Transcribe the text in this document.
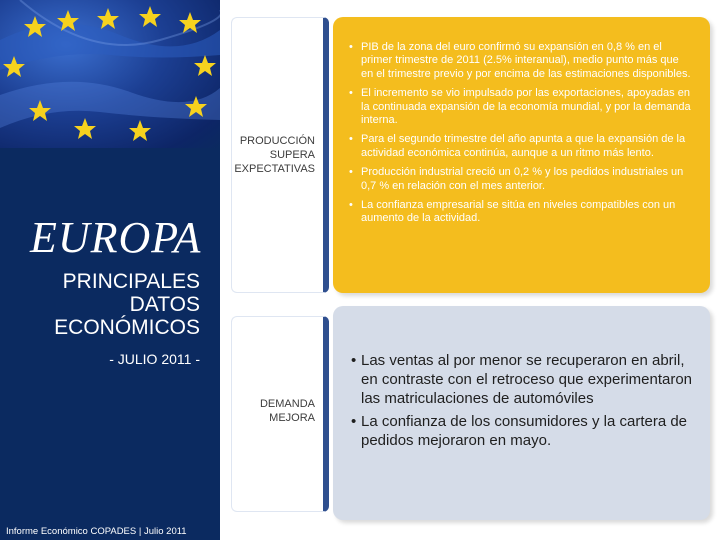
EUROPA
PRINCIPALES DATOS ECONÓMICOS
- JULIO 2011 -
Informe Económico COPADES | Julio 2011
PRODUCCIÓN SUPERA EXPECTATIVAS
• PIB de la zona del euro confirmó su expansión en 0,8 % en el primer trimestre de 2011 (2.5% interanual), medio punto más que en el trimestre previo y por encima de las estimaciones disponibles.
• El incremento se vio impulsado por las exportaciones, apoyadas en la continuada expansión de la economía mundial, y por la demanda interna.
• Para el segundo trimestre del año apunta a que la expansión de la actividad económica continúa, aunque a un ritmo más lento.
• Producción industrial creció un 0,2 % y los pedidos industriales un 0,7 % en relación con el mes anterior.
• La confianza empresarial se sitúa en niveles compatibles con un aumento de la actividad.
DEMANDA MEJORA
• Las ventas al por menor se recuperaron en abril, en contraste con el retroceso que experimentaron las matriculaciones de automóviles
• La confianza de los consumidores y la cartera de pedidos mejoraron en mayo.
32
